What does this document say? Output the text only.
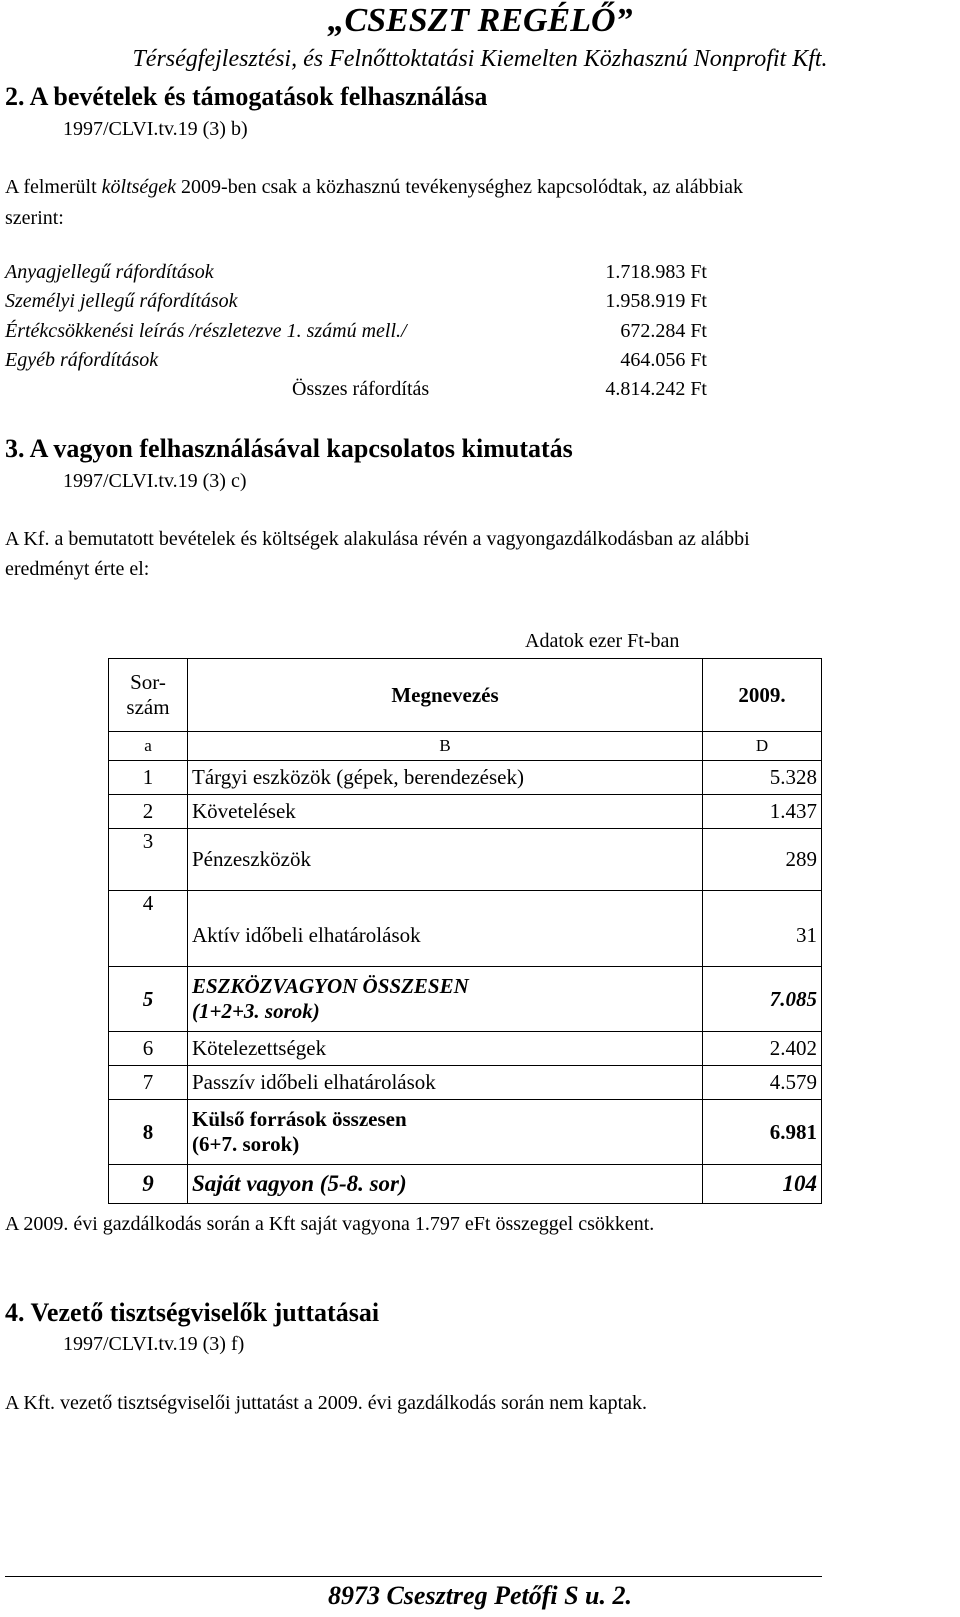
„CSESZT REGÉLŐ”
Térségfejlesztési, és Felnőttoktatási Kiemelten Közhasznú Nonprofit Kft.
2. A bevételek és támogatások felhasználása
1997/CLVI.tv.19 (3) b)
A felmerült költségek 2009-ben csak a közhasznú tevékenységhez kapcsolódtak, az alábbiak
szerint:
Anyagjellegű ráfordítások	1.718.983 Ft
Személyi jellegű ráfordítások	1.958.919 Ft
Értékcsökkenési leírás /részletezve 1. számú mell./	672.284 Ft
Egyéb ráfordítások	464.056 Ft
Összes ráfordítás	4.814.242 Ft
3. A vagyon felhasználásával kapcsolatos kimutatás
1997/CLVI.tv.19 (3) c)
A Kf. a bemutatott bevételek és költségek alakulása révén a vagyongazdálkodásban az alábbi
eredményt érte el:
Adatok ezer Ft-ban
Sor-
szám	Megnevezés	2009.
a	B	D
1	Tárgyi eszközök (gépek, berendezések)	5.328
2	Követelések	1.437
3	Pénzeszközök	289
4	Aktív időbeli elhatárolások	31
5	ESZKÖZVAGYON ÖSSZESEN
(1+2+3. sorok)	7.085
6	Kötelezettségek	2.402
7	Passzív időbeli elhatárolások	4.579
8	Külső források összesen
(6+7. sorok)	6.981
9	Saját vagyon (5-8. sor)	104
A 2009. évi gazdálkodás során a Kft saját vagyona 1.797 eFt összeggel csökkent.
4. Vezető tisztségviselők juttatásai
1997/CLVI.tv.19 (3) f)
A Kft. vezető tisztségviselői juttatást a 2009. évi gazdálkodás során nem kaptak.
8973 Csesztreg Petőfi S u. 2.
